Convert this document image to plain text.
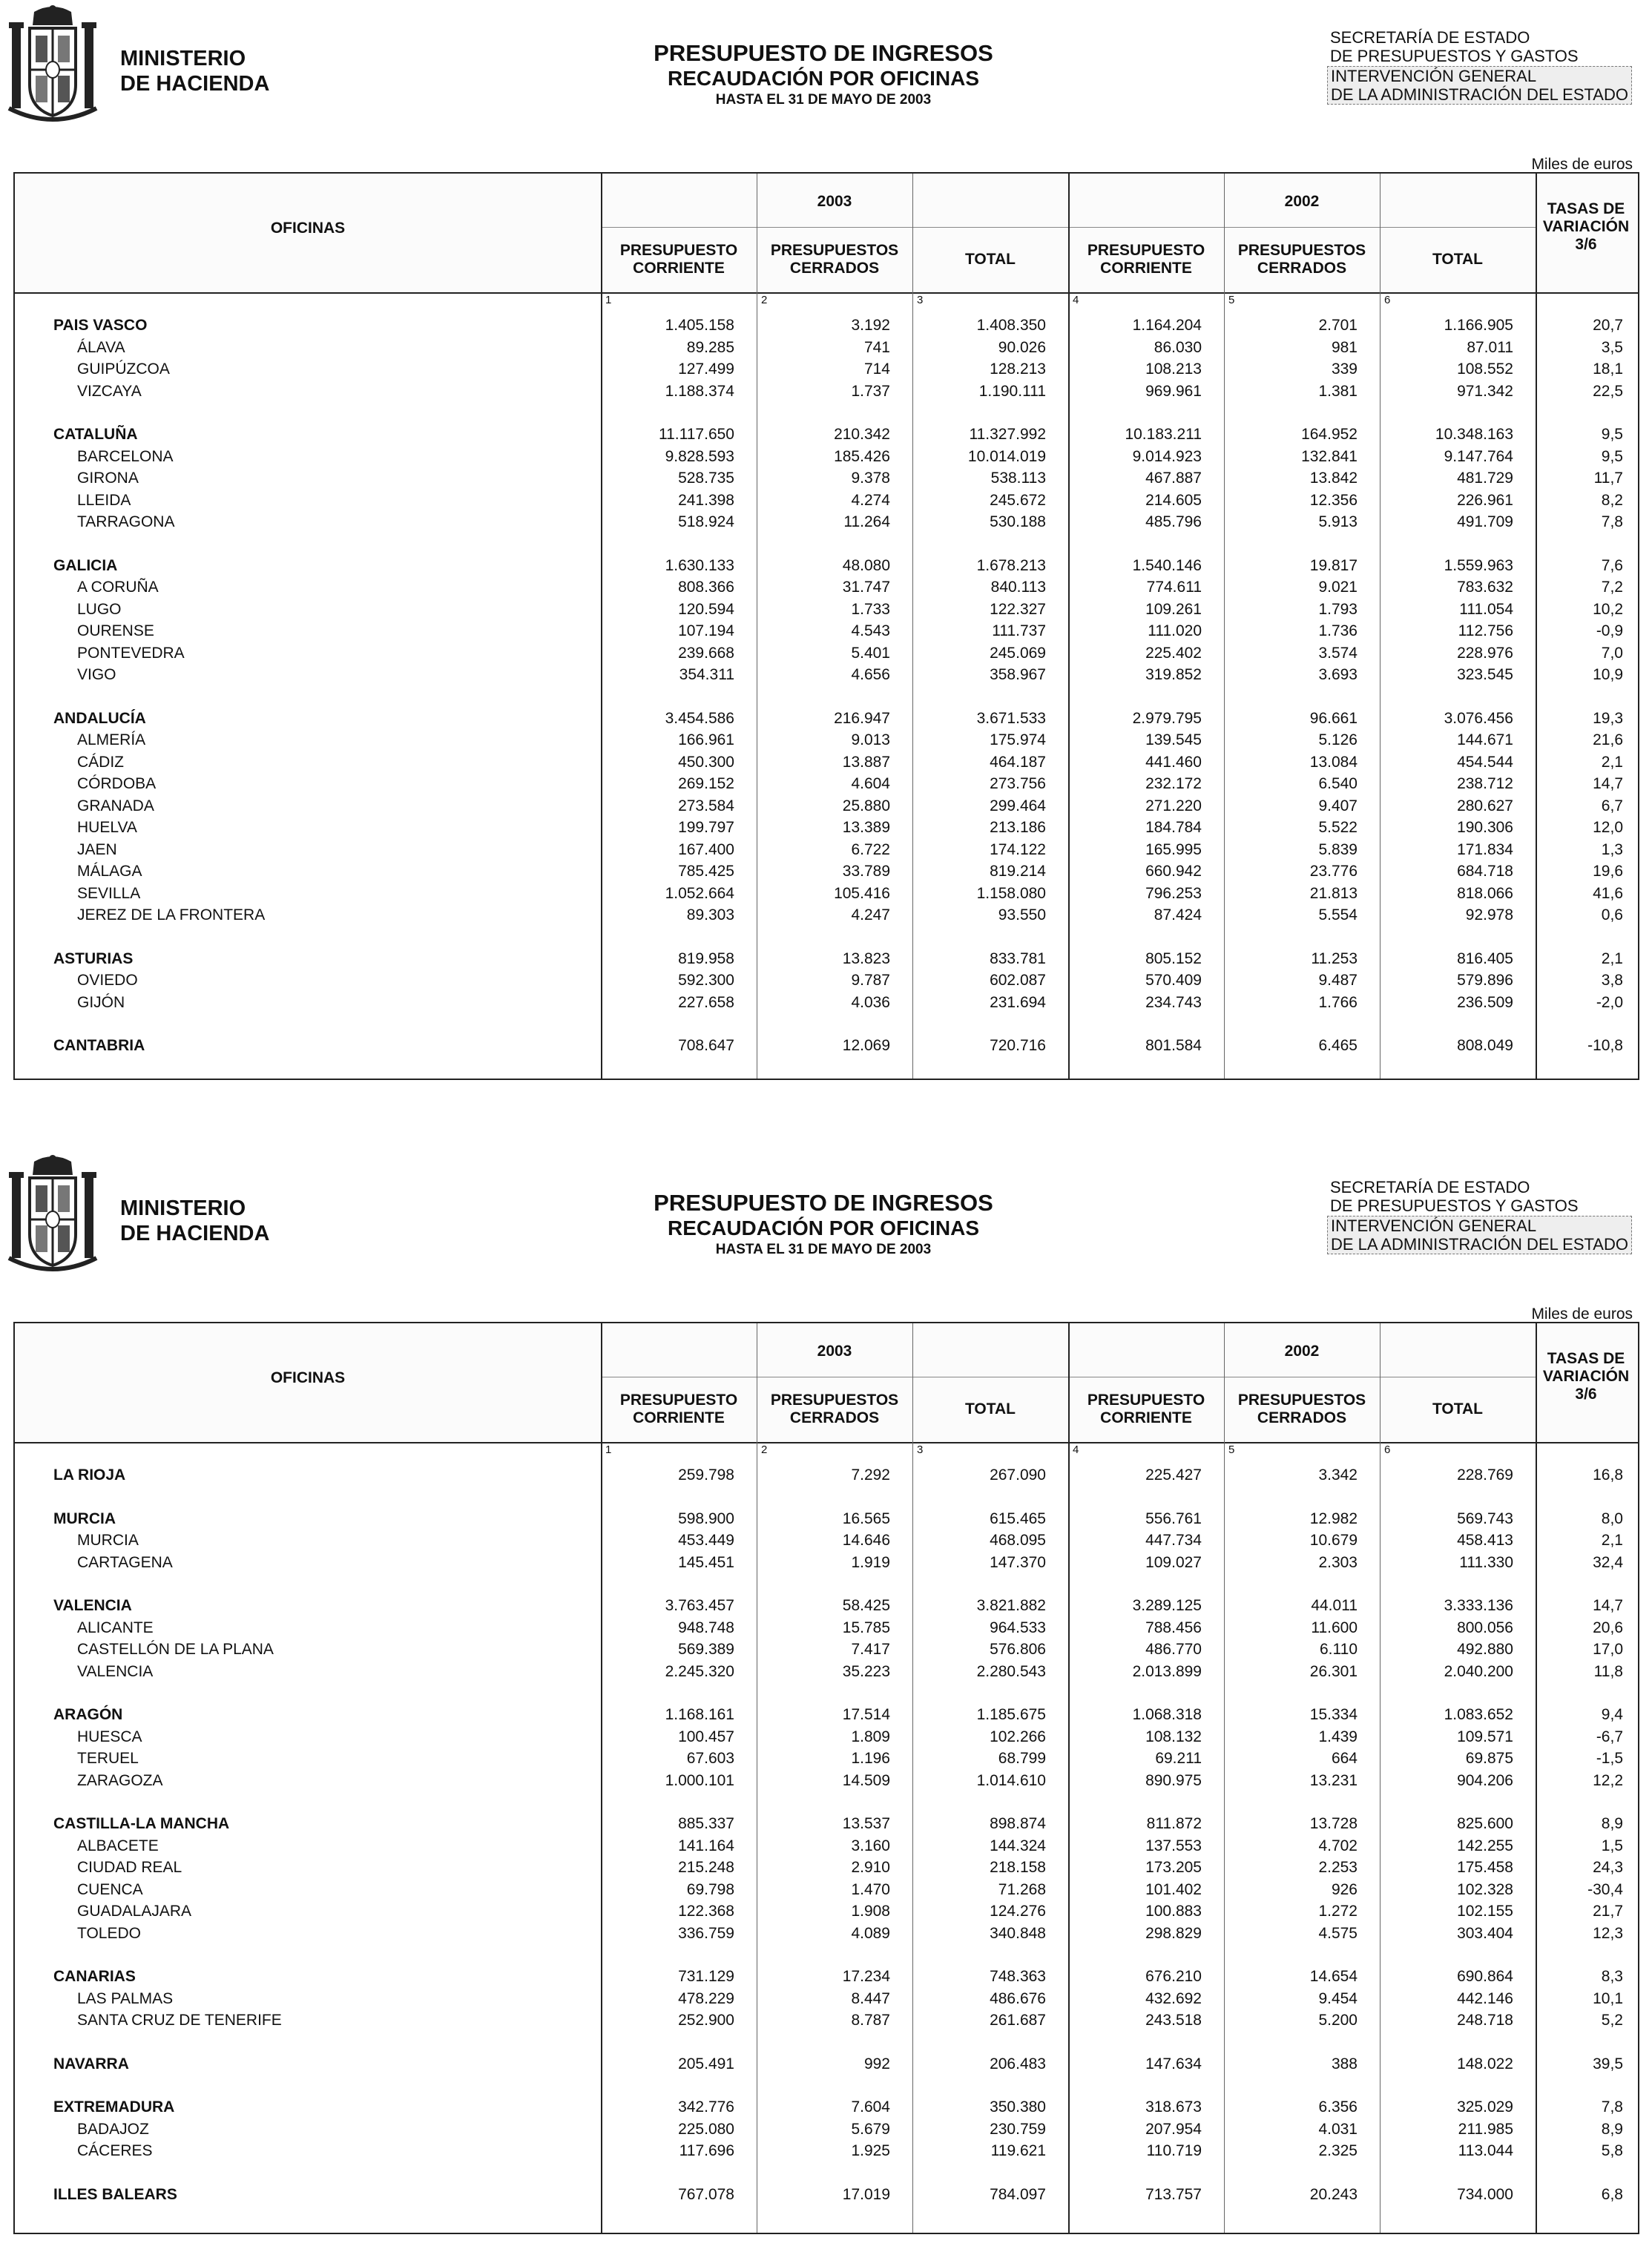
MINISTERIO
DE HACIENDA
PRESUPUESTO DE INGRESOS
RECAUDACIÓN POR OFICINAS
HASTA EL 31 DE MAYO DE 2003
SECRETARÍA DE ESTADO
DE PRESUPUESTOS Y GASTOS
INTERVENCIÓN GENERAL
DE LA ADMINISTRACIÓN DEL ESTADO
Miles de euros
OFICINAS
2003	2002
PRESUPUESTO
CORRIENTE
PRESUPUESTOS
CERRADOS
TOTAL
PRESUPUESTO
CORRIENTE
PRESUPUESTOS
CERRADOS
TOTAL
TASAS DE
VARIACIÓN
3/6
1	2	3	4	5	6
PAIS VASCO	1.405.158	3.192	1.408.350	1.164.204	2.701	1.166.905	20,7
ÁLAVA	89.285	741	90.026	86.030	981	87.011	3,5
GUIPÚZCOA	127.499	714	128.213	108.213	339	108.552	18,1
VIZCAYA	1.188.374	1.737	1.190.111	969.961	1.381	971.342	22,5
CATALUÑA	11.117.650	210.342	11.327.992	10.183.211	164.952	10.348.163	9,5
BARCELONA	9.828.593	185.426	10.014.019	9.014.923	132.841	9.147.764	9,5
GIRONA	528.735	9.378	538.113	467.887	13.842	481.729	11,7
LLEIDA	241.398	4.274	245.672	214.605	12.356	226.961	8,2
TARRAGONA	518.924	11.264	530.188	485.796	5.913	491.709	7,8
GALICIA	1.630.133	48.080	1.678.213	1.540.146	19.817	1.559.963	7,6
A CORUÑA	808.366	31.747	840.113	774.611	9.021	783.632	7,2
LUGO	120.594	1.733	122.327	109.261	1.793	111.054	10,2
OURENSE	107.194	4.543	111.737	111.020	1.736	112.756	-0,9
PONTEVEDRA	239.668	5.401	245.069	225.402	3.574	228.976	7,0
VIGO	354.311	4.656	358.967	319.852	3.693	323.545	10,9
ANDALUCÍA	3.454.586	216.947	3.671.533	2.979.795	96.661	3.076.456	19,3
ALMERÍA	166.961	9.013	175.974	139.545	5.126	144.671	21,6
CÁDIZ	450.300	13.887	464.187	441.460	13.084	454.544	2,1
CÓRDOBA	269.152	4.604	273.756	232.172	6.540	238.712	14,7
GRANADA	273.584	25.880	299.464	271.220	9.407	280.627	6,7
HUELVA	199.797	13.389	213.186	184.784	5.522	190.306	12,0
JAEN	167.400	6.722	174.122	165.995	5.839	171.834	1,3
MÁLAGA	785.425	33.789	819.214	660.942	23.776	684.718	19,6
SEVILLA	1.052.664	105.416	1.158.080	796.253	21.813	818.066	41,6
JEREZ DE LA FRONTERA	89.303	4.247	93.550	87.424	5.554	92.978	0,6
ASTURIAS	819.958	13.823	833.781	805.152	11.253	816.405	2,1
OVIEDO	592.300	9.787	602.087	570.409	9.487	579.896	3,8
GIJÓN	227.658	4.036	231.694	234.743	1.766	236.509	-2,0
CANTABRIA	708.647	12.069	720.716	801.584	6.465	808.049	-10,8
MINISTERIO
DE HACIENDA
PRESUPUESTO DE INGRESOS
RECAUDACIÓN POR OFICINAS
HASTA EL 31 DE MAYO DE 2003
SECRETARÍA DE ESTADO
DE PRESUPUESTOS Y GASTOS
INTERVENCIÓN GENERAL
DE LA ADMINISTRACIÓN DEL ESTADO
Miles de euros
OFICINAS
2003	2002
PRESUPUESTO
CORRIENTE
PRESUPUESTOS
CERRADOS
TOTAL
PRESUPUESTO
CORRIENTE
PRESUPUESTOS
CERRADOS
TOTAL
TASAS DE
VARIACIÓN
3/6
1	2	3	4	5	6
LA RIOJA	259.798	7.292	267.090	225.427	3.342	228.769	16,8
MURCIA	598.900	16.565	615.465	556.761	12.982	569.743	8,0
MURCIA	453.449	14.646	468.095	447.734	10.679	458.413	2,1
CARTAGENA	145.451	1.919	147.370	109.027	2.303	111.330	32,4
VALENCIA	3.763.457	58.425	3.821.882	3.289.125	44.011	3.333.136	14,7
ALICANTE	948.748	15.785	964.533	788.456	11.600	800.056	20,6
CASTELLÓN DE LA PLANA	569.389	7.417	576.806	486.770	6.110	492.880	17,0
VALENCIA	2.245.320	35.223	2.280.543	2.013.899	26.301	2.040.200	11,8
ARAGÓN	1.168.161	17.514	1.185.675	1.068.318	15.334	1.083.652	9,4
HUESCA	100.457	1.809	102.266	108.132	1.439	109.571	-6,7
TERUEL	67.603	1.196	68.799	69.211	664	69.875	-1,5
ZARAGOZA	1.000.101	14.509	1.014.610	890.975	13.231	904.206	12,2
CASTILLA-LA MANCHA	885.337	13.537	898.874	811.872	13.728	825.600	8,9
ALBACETE	141.164	3.160	144.324	137.553	4.702	142.255	1,5
CIUDAD REAL	215.248	2.910	218.158	173.205	2.253	175.458	24,3
CUENCA	69.798	1.470	71.268	101.402	926	102.328	-30,4
GUADALAJARA	122.368	1.908	124.276	100.883	1.272	102.155	21,7
TOLEDO	336.759	4.089	340.848	298.829	4.575	303.404	12,3
CANARIAS	731.129	17.234	748.363	676.210	14.654	690.864	8,3
LAS PALMAS	478.229	8.447	486.676	432.692	9.454	442.146	10,1
SANTA CRUZ DE TENERIFE	252.900	8.787	261.687	243.518	5.200	248.718	5,2
NAVARRA	205.491	992	206.483	147.634	388	148.022	39,5
EXTREMADURA	342.776	7.604	350.380	318.673	6.356	325.029	7,8
BADAJOZ	225.080	5.679	230.759	207.954	4.031	211.985	8,9
CÁCERES	117.696	1.925	119.621	110.719	2.325	113.044	5,8
ILLES BALEARS	767.078	17.019	784.097	713.757	20.243	734.000	6,8
